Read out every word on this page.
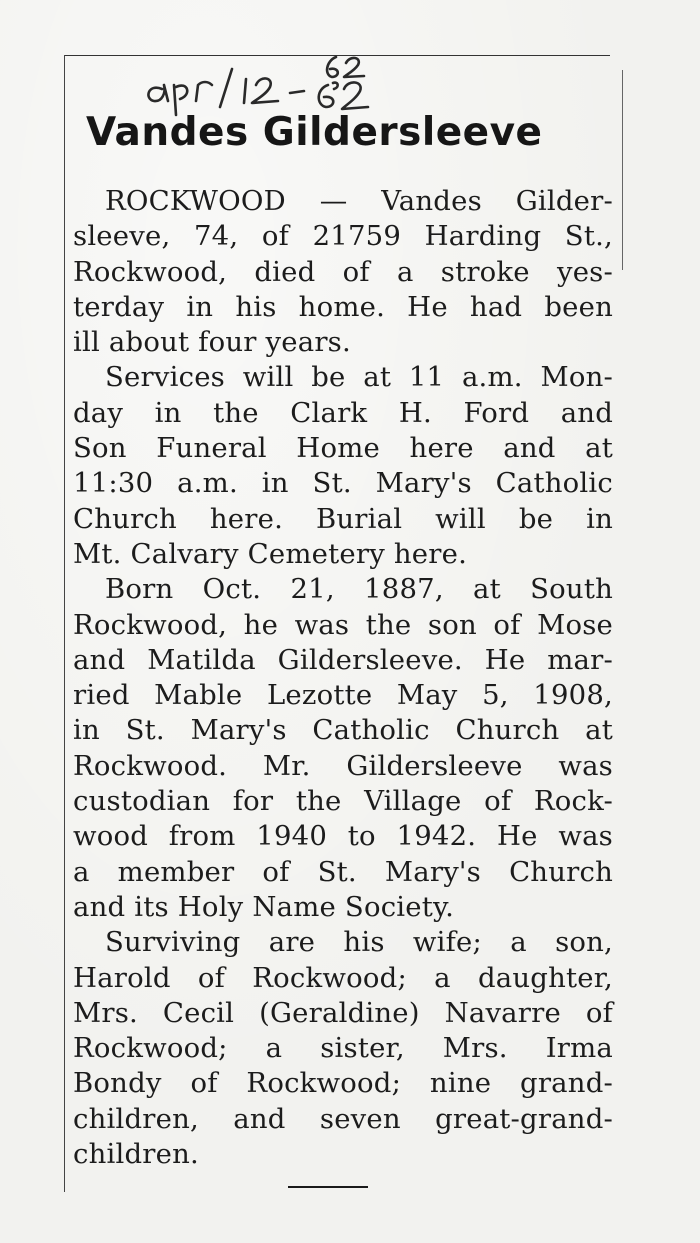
Vandes Gildersleeve
ROCKWOOD — Vandes Gilder-
sleeve, 74, of 21759 Harding St.,
Rockwood, died of a stroke yes-
terday in his home. He had been
ill about four years.
Services will be at 11 a.m. Mon-
day in the Clark H. Ford and
Son Funeral Home here and at
11:30 a.m. in St. Mary's Catholic
Church here. Burial will be in
Mt. Calvary Cemetery here.
Born Oct. 21, 1887, at South
Rockwood, he was the son of Mose
and Matilda Gildersleeve. He mar-
ried Mable Lezotte May 5, 1908,
in St. Mary's Catholic Church at
Rockwood. Mr. Gildersleeve was
custodian for the Village of Rock-
wood from 1940 to 1942. He was
a member of St. Mary's Church
and its Holy Name Society.
Surviving are his wife; a son,
Harold of Rockwood; a daughter,
Mrs. Cecil (Geraldine) Navarre of
Rockwood; a sister, Mrs. Irma
Bondy of Rockwood; nine grand-
children, and seven great-grand-
children.
